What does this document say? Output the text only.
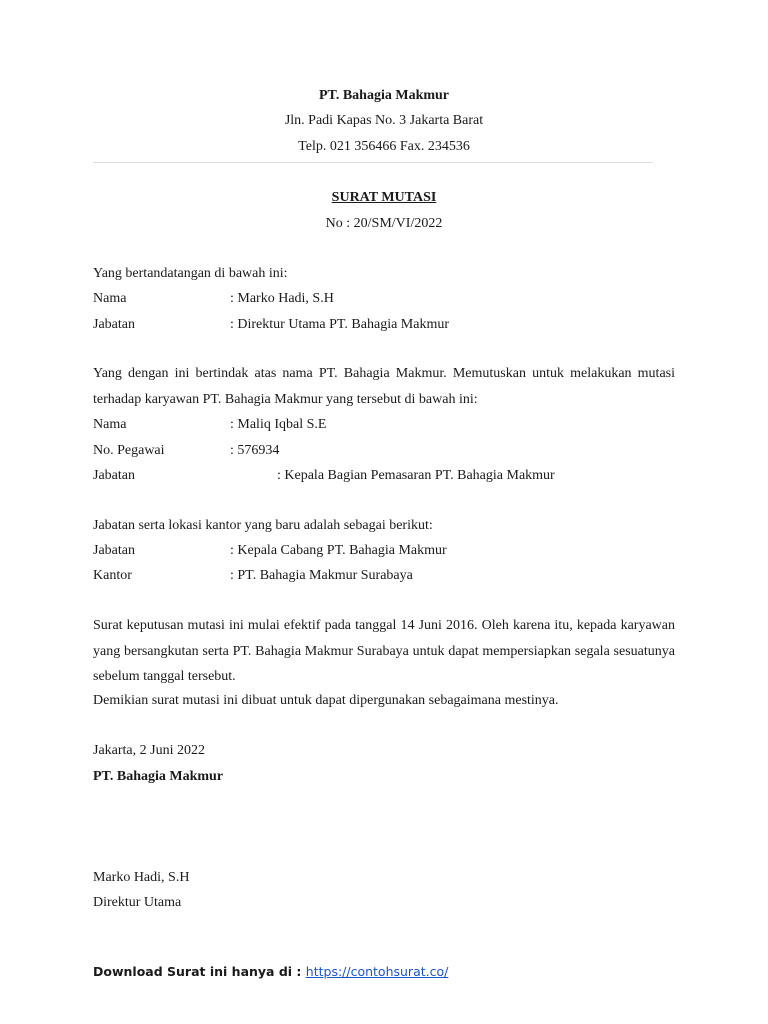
PT. Bahagia Makmur
Jln. Padi Kapas No. 3 Jakarta Barat
Telp. 021 356466 Fax. 234536
SURAT MUTASI
No : 20/SM/VI/2022
Yang bertandatangan di bawah ini:
Nama	: Marko Hadi, S.H
Jabatan	: Direktur Utama PT. Bahagia Makmur
Yang dengan ini bertindak atas nama PT. Bahagia Makmur. Memutuskan untuk melakukan mutasi terhadap karyawan PT. Bahagia Makmur yang tersebut di bawah ini:
Nama	: Maliq Iqbal S.E
No. Pegawai	: 576934
Jabatan	: Kepala Bagian Pemasaran PT. Bahagia Makmur
Jabatan serta lokasi kantor yang baru adalah sebagai berikut:
Jabatan	: Kepala Cabang PT. Bahagia Makmur
Kantor	: PT. Bahagia Makmur Surabaya
Surat keputusan mutasi ini mulai efektif pada tanggal 14 Juni 2016. Oleh karena itu, kepada karyawan yang bersangkutan serta PT. Bahagia Makmur Surabaya untuk dapat mempersiapkan segala sesuatunya sebelum tanggal tersebut.
Demikian surat mutasi ini dibuat untuk dapat dipergunakan sebagaimana mestinya.
Jakarta, 2 Juni 2022
PT. Bahagia Makmur
Marko Hadi, S.H
Direktur Utama
Download Surat ini hanya di : https://contohsurat.co/
